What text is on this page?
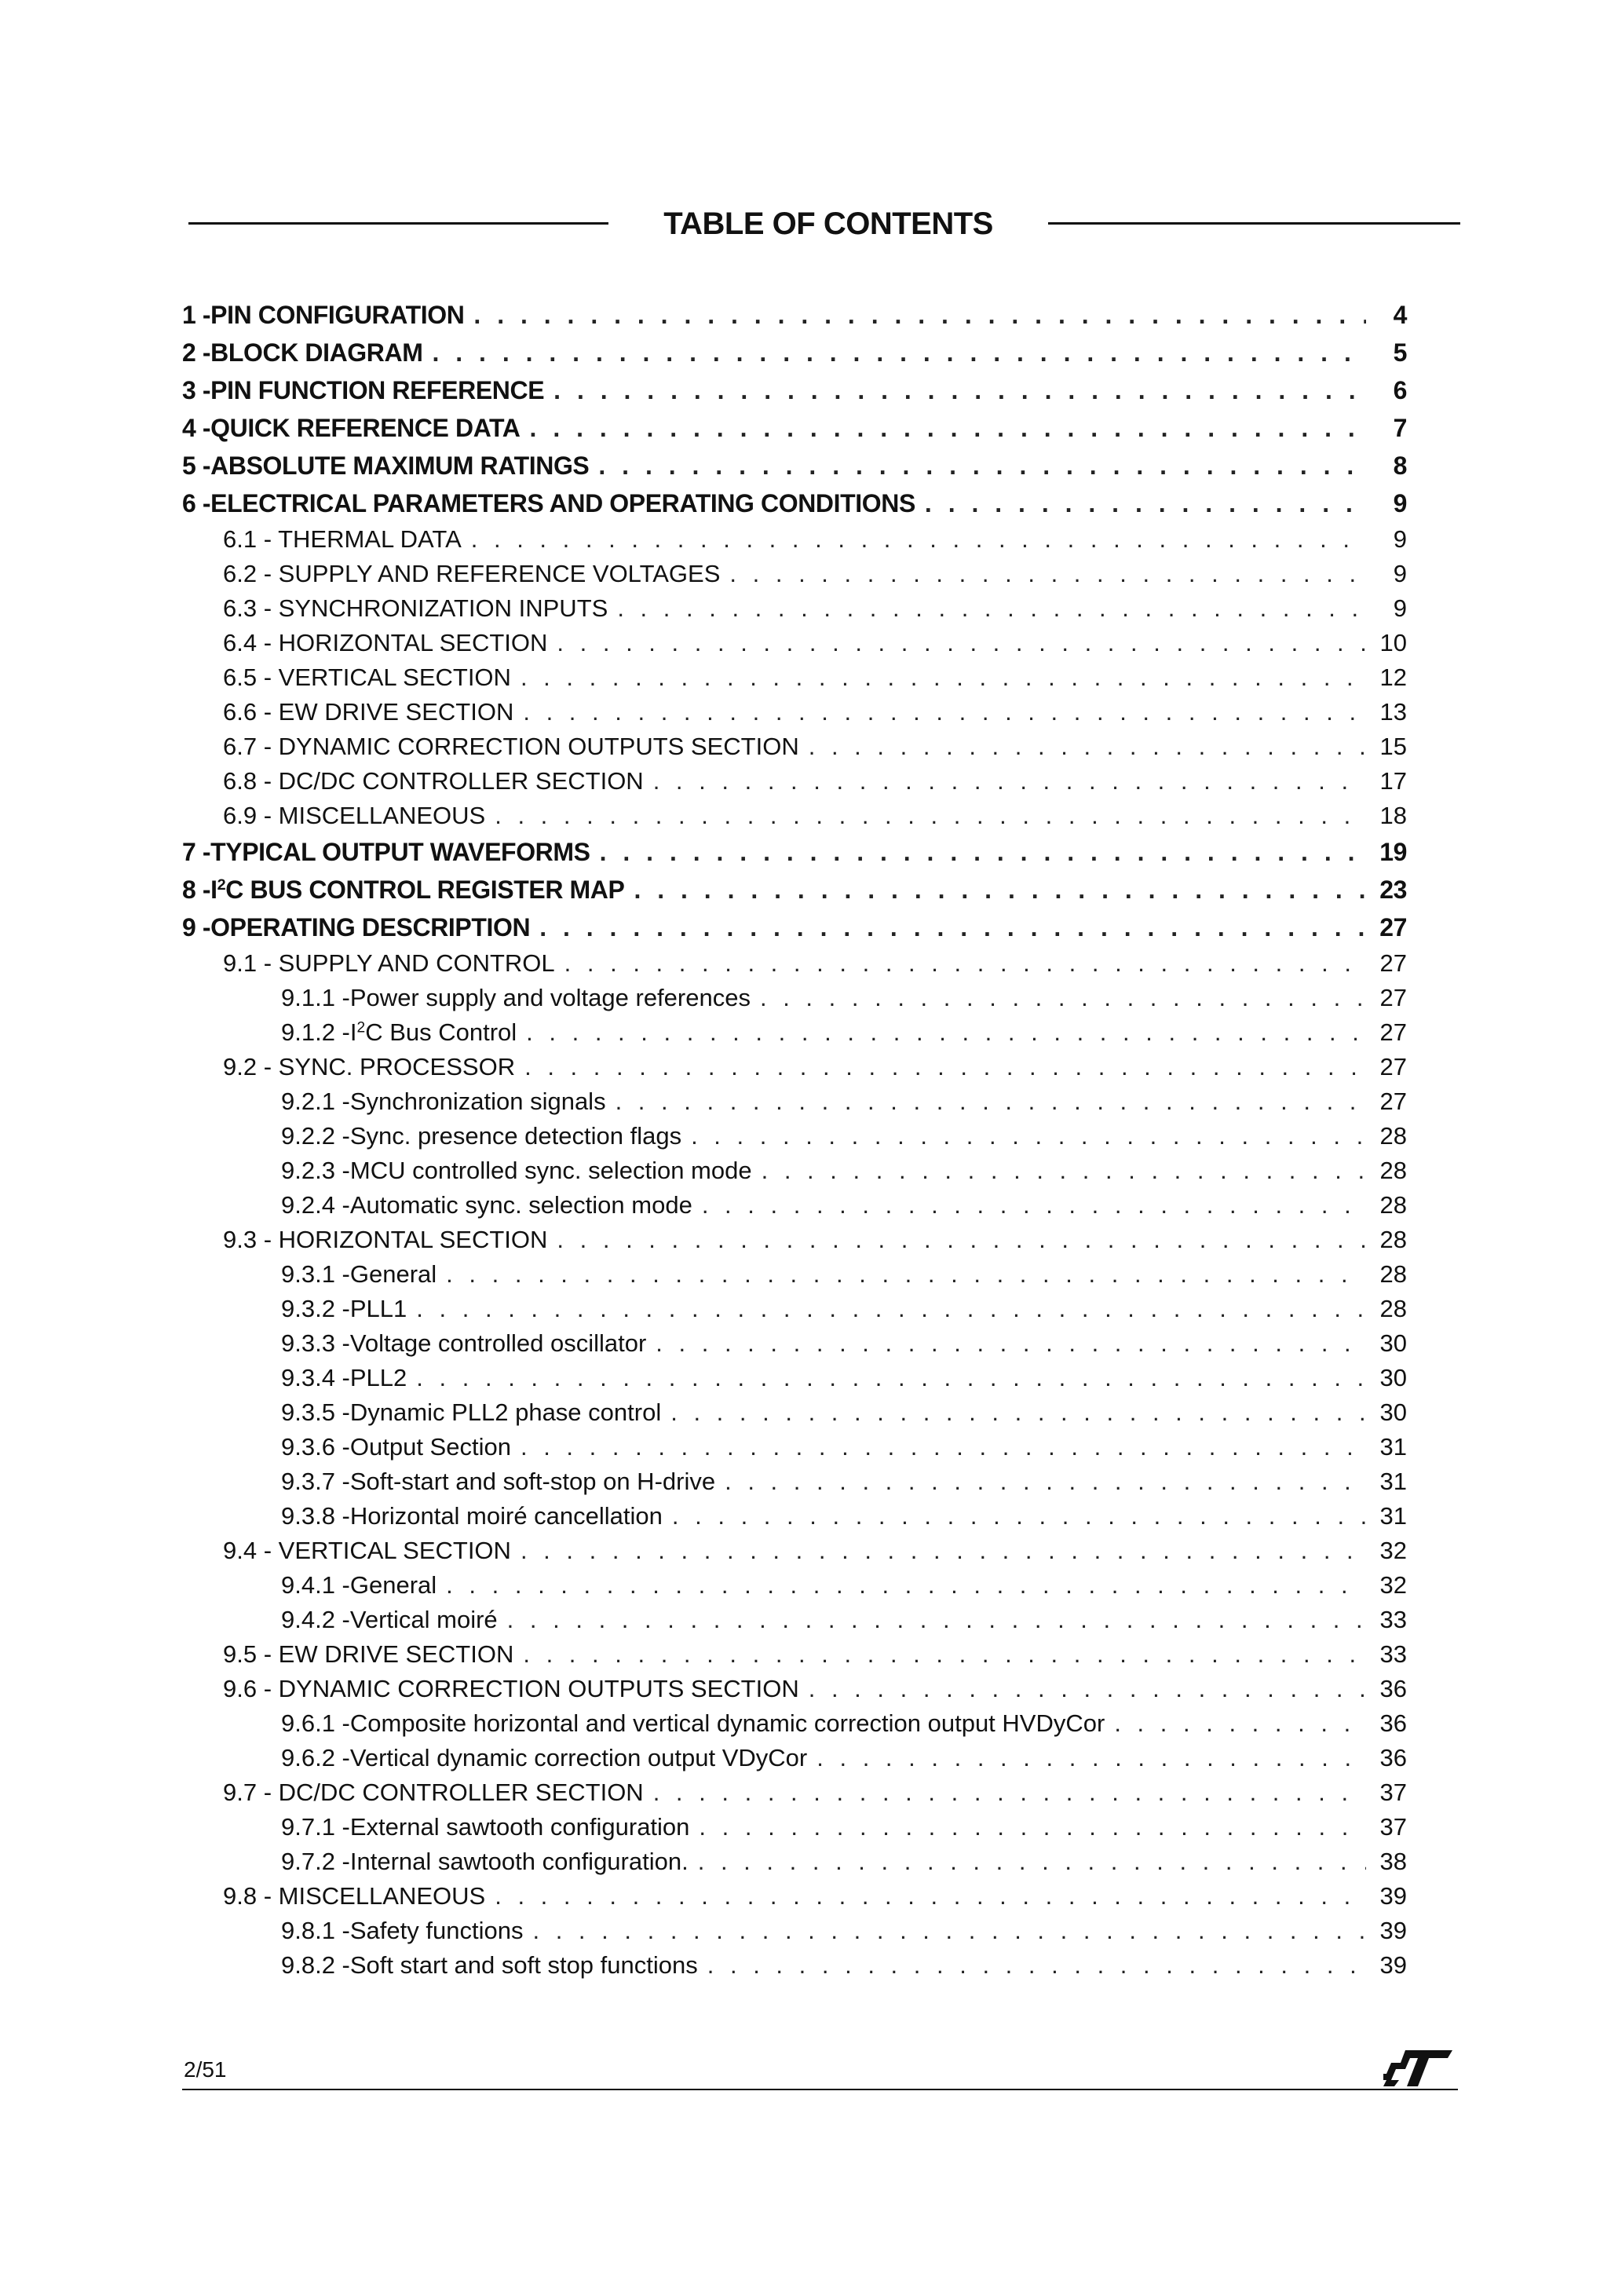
TABLE OF CONTENTS
1 -PIN CONFIGURATION . . .	4
2 -BLOCK DIAGRAM . . .	5
3 -PIN FUNCTION REFERENCE . . .	6
4 -QUICK REFERENCE DATA . . .	7
5 -ABSOLUTE MAXIMUM RATINGS . . .	8
6 -ELECTRICAL PARAMETERS AND OPERATING CONDITIONS . . .	9
6.1 - THERMAL DATA . . .	9
6.2 - SUPPLY AND REFERENCE VOLTAGES . . .	9
6.3 - SYNCHRONIZATION INPUTS . . .	9
6.4 - HORIZONTAL SECTION . . .	10
6.5 - VERTICAL SECTION . . .	12
6.6 - EW DRIVE SECTION . . .	13
6.7 - DYNAMIC CORRECTION OUTPUTS SECTION . . .	15
6.8 - DC/DC CONTROLLER SECTION . . .	17
6.9 - MISCELLANEOUS . . .	18
7 -TYPICAL OUTPUT WAVEFORMS . . .	19
8 $-I^2C$ BUS CONTROL REGISTER MAP . . .	23
9 -OPERATING DESCRIPTION . . .	27
9.1 - SUPPLY AND CONTROL . . .	27
9.1.1 -Power supply and voltage references . . .	27
9.1.2 $-I^2C$ Bus Control . . .	27
9.2 - SYNC. PROCESSOR . . .	27
9.2.1 -Synchronization signals . . .	27
9.2.2 -Sync. presence detection flags . . .	28
9.2.3 -MCU controlled sync. selection mode . . .	28
9.2.4 -Automatic sync. selection mode . . .	28
9.3 - HORIZONTAL SECTION . . .	28
9.3.1 -General . . .	28
9.3.2 -PLL1 . . .	28
9.3.3 -Voltage controlled oscillator . . .	30
9.3.4 -PLL2 . . .	30
9.3.5 -Dynamic PLL2 phase control . . .	30
9.3.6 -Output Section . . .	31
9.3.7 -Soft-start and soft-stop on H-drive . . .	31
9.3.8 -Horizontal moiré cancellation . . .	31
9.4 - VERTICAL SECTION . . .	32
9.4.1 -General . . .	32
9.4.2 -Vertical moiré . . .	33
9.5 - EW DRIVE SECTION . . .	33
9.6 - DYNAMIC CORRECTION OUTPUTS SECTION . . .	36
9.6.1 -Composite horizontal and vertical dynamic correction output HVDyCor . . .	36
9.6.2 -Vertical dynamic correction output VDyCor . . .	36
9.7 - DC/DC CONTROLLER SECTION . . .	37
9.7.1 -External sawtooth configuration . . .	37
9.7.2 -Internal sawtooth configuration. . . .	38
9.8 - MISCELLANEOUS . . .	39
9.8.1 -Safety functions . . .	39
9.8.2 -Soft start and soft stop functions . . .	39
2/51
ST
